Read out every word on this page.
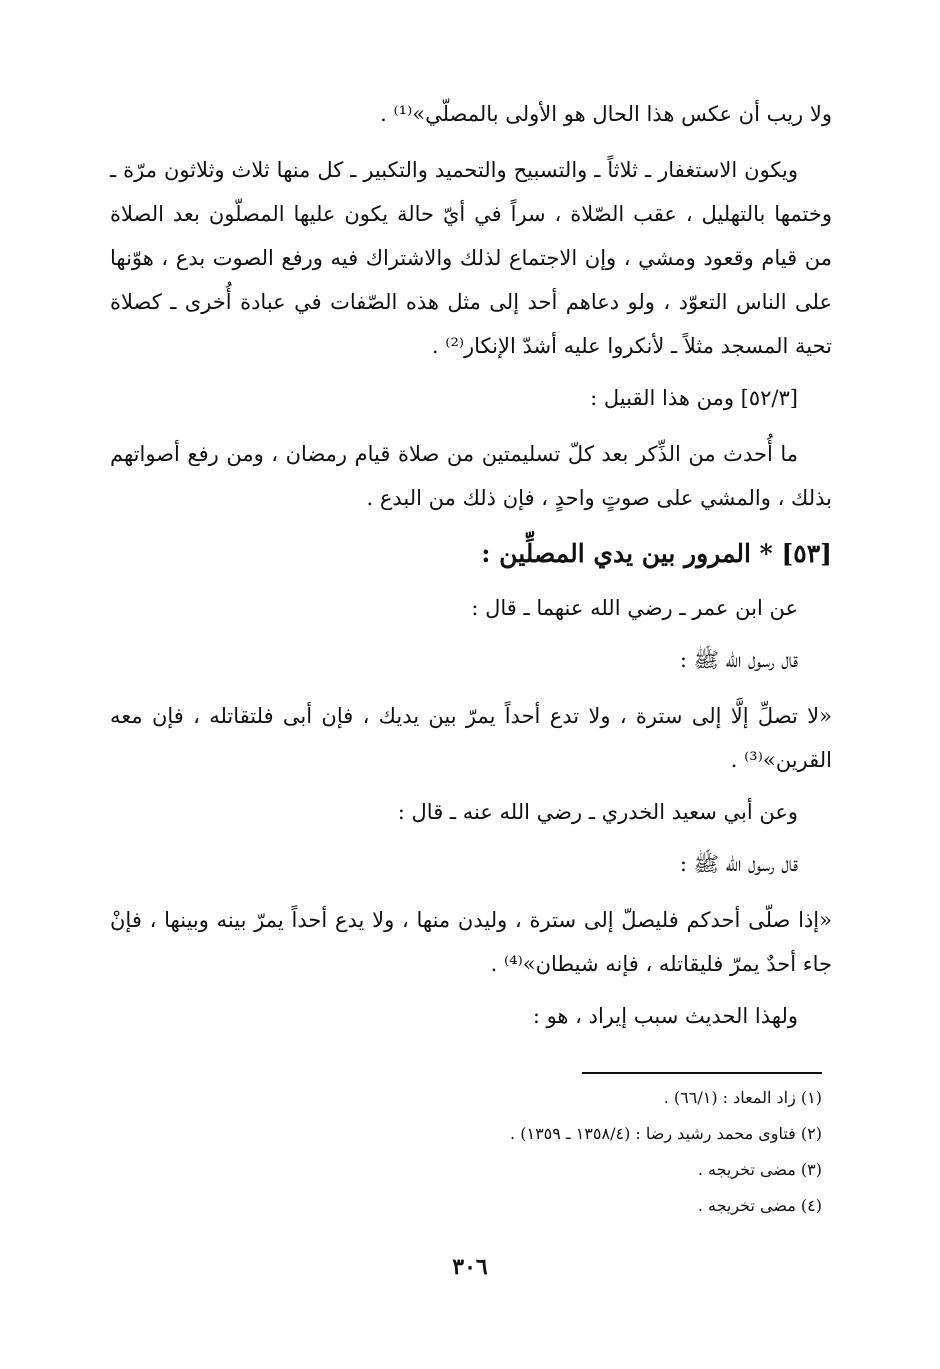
ولا ريب أن عكس هذا الحال هو الأولى بالمصلّي»⁽¹⁾ .

ويكون الاستغفار ـ ثلاثاً ـ والتسبيح والتحميد والتكبير ـ كل منها ثلاث وثلاثون مرّة ـ وختمها بالتهليل ، عقب الصّلاة ، سراً في أيّ حالة يكون عليها المصلّون بعد الصلاة من قيام وقعود ومشي ، وإن الاجتماع لذلك والاشتراك فيه ورفع الصوت بدع ، هوّنها على الناس التعوّد ، ولو دعاهم أحد إلى مثل هذه الصّفات في عبادة أُخرى ـ كصلاة تحية المسجد مثلاً ـ لأنكروا عليه أشدّ الإنكار⁽²⁾ .

[٥٢/٣] ومن هذا القبيل :

ما أُحدث من الذِّكر بعد كلّ تسليمتين من صلاة قيام رمضان ، ومن رفع أصواتهم بذلك ، والمشي على صوتٍ واحدٍ ، فإن ذلك من البدع .

[٥٣] * المرور بين يدي المصلِّين :

عن ابن عمر ـ رضي الله عنهما ـ قال :

قال رسول الله ﷺ :

«لا تصلِّ إلَّا إلى سترة ، ولا تدع أحداً يمرّ بين يديك ، فإن أبى فلتقاتله ، فإن معه القرين»⁽³⁾ .

وعن أبي سعيد الخدري ـ رضي الله عنه ـ قال :

قال رسول الله ﷺ :

«إذا صلّى أحدكم فليصلّ إلى سترة ، وليدن منها ، ولا يدع أحداً يمرّ بينه وبينها ، فإنْ جاء أحدٌ يمرّ فليقاتله ، فإنه شيطان»⁽⁴⁾ .

ولهذا الحديث سبب إيراد ، هو :

(١) زاد المعاد : (٦٦/١) .

(٢) فتاوى محمد رشيد رضا : (١٣٥٨/٤ ـ ١٣٥٩) .

(٣) مضى تخريجه .

(٤) مضى تخريجه .

٣٠٦
